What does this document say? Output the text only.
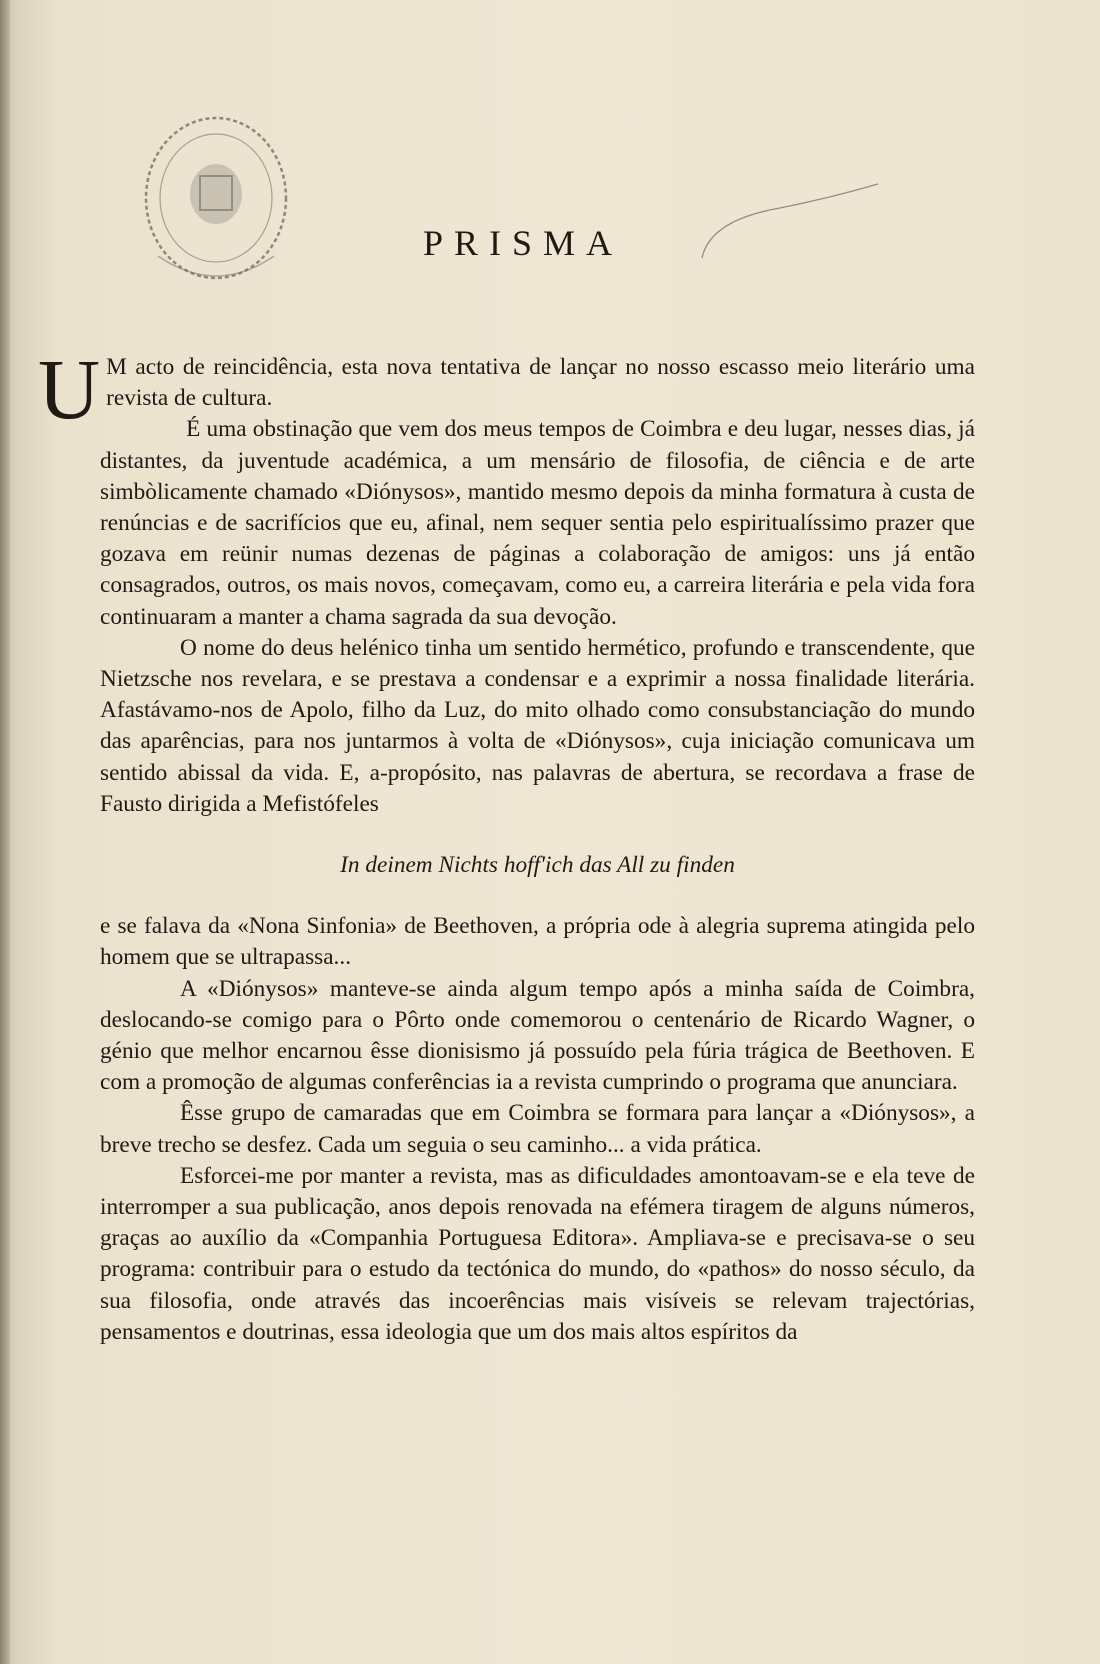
PRISMA

U M acto de reincidência, esta nova tentativa de lançar no nosso escasso meio literário uma revista de cultura.

É uma obstinação que vem dos meus tempos de Coimbra e deu lugar, nesses dias, já distantes, da juventude académica, a um mensário de filosofia, de ciência e de arte simbòlicamente chamado «Diónysos», mantido mesmo depois da minha formatura à custa de renúncias e de sacrifícios que eu, afinal, nem sequer sentia pelo espiritualíssimo prazer que gozava em reünir numas dezenas de páginas a colaboração de amigos: uns já então consagrados, outros, os mais novos, começavam, como eu, a carreira literária e pela vida fora continuaram a manter a chama sagrada da sua devoção.

O nome do deus helénico tinha um sentido hermético, profundo e transcendente, que Nietzsche nos revelara, e se prestava a condensar e a exprimir a nossa finalidade literária. Afastávamo-nos de Apolo, filho da Luz, do mito olhado como consubstanciação do mundo das aparências, para nos juntarmos à volta de «Diónysos», cuja iniciação comunicava um sentido abissal da vida. E, a-propósito, nas palavras de abertura, se recordava a frase de Fausto dirigida a Mefistófeles

In deinem Nichts hoff'ich das All zu finden

e se falava da «Nona Sinfonia» de Beethoven, a própria ode à alegria suprema atingida pelo homem que se ultrapassa...

A «Diónysos» manteve-se ainda algum tempo após a minha saída de Coimbra, deslocando-se comigo para o Pôrto onde comemorou o centenário de Ricardo Wagner, o génio que melhor encarnou êsse dionisismo já possuído pela fúria trágica de Beethoven. E com a promoção de algumas conferências ia a revista cumprindo o programa que anunciara.

Êsse grupo de camaradas que em Coimbra se formara para lançar a «Diónysos», a breve trecho se desfez. Cada um seguia o seu caminho... a vida prática.

Esforcei-me por manter a revista, mas as dificuldades amontoavam-se e ela teve de interromper a sua publicação, anos depois renovada na efémera tiragem de alguns números, graças ao auxílio da «Companhia Portuguesa Editora». Ampliava-se e precisava-se o seu programa: contribuir para o estudo da tectónica do mundo, do «pathos» do nosso século, da sua filosofia, onde através das incoerências mais visíveis se relevam trajectórias, pensamentos e doutrinas, essa ideologia que um dos mais altos espíritos da
